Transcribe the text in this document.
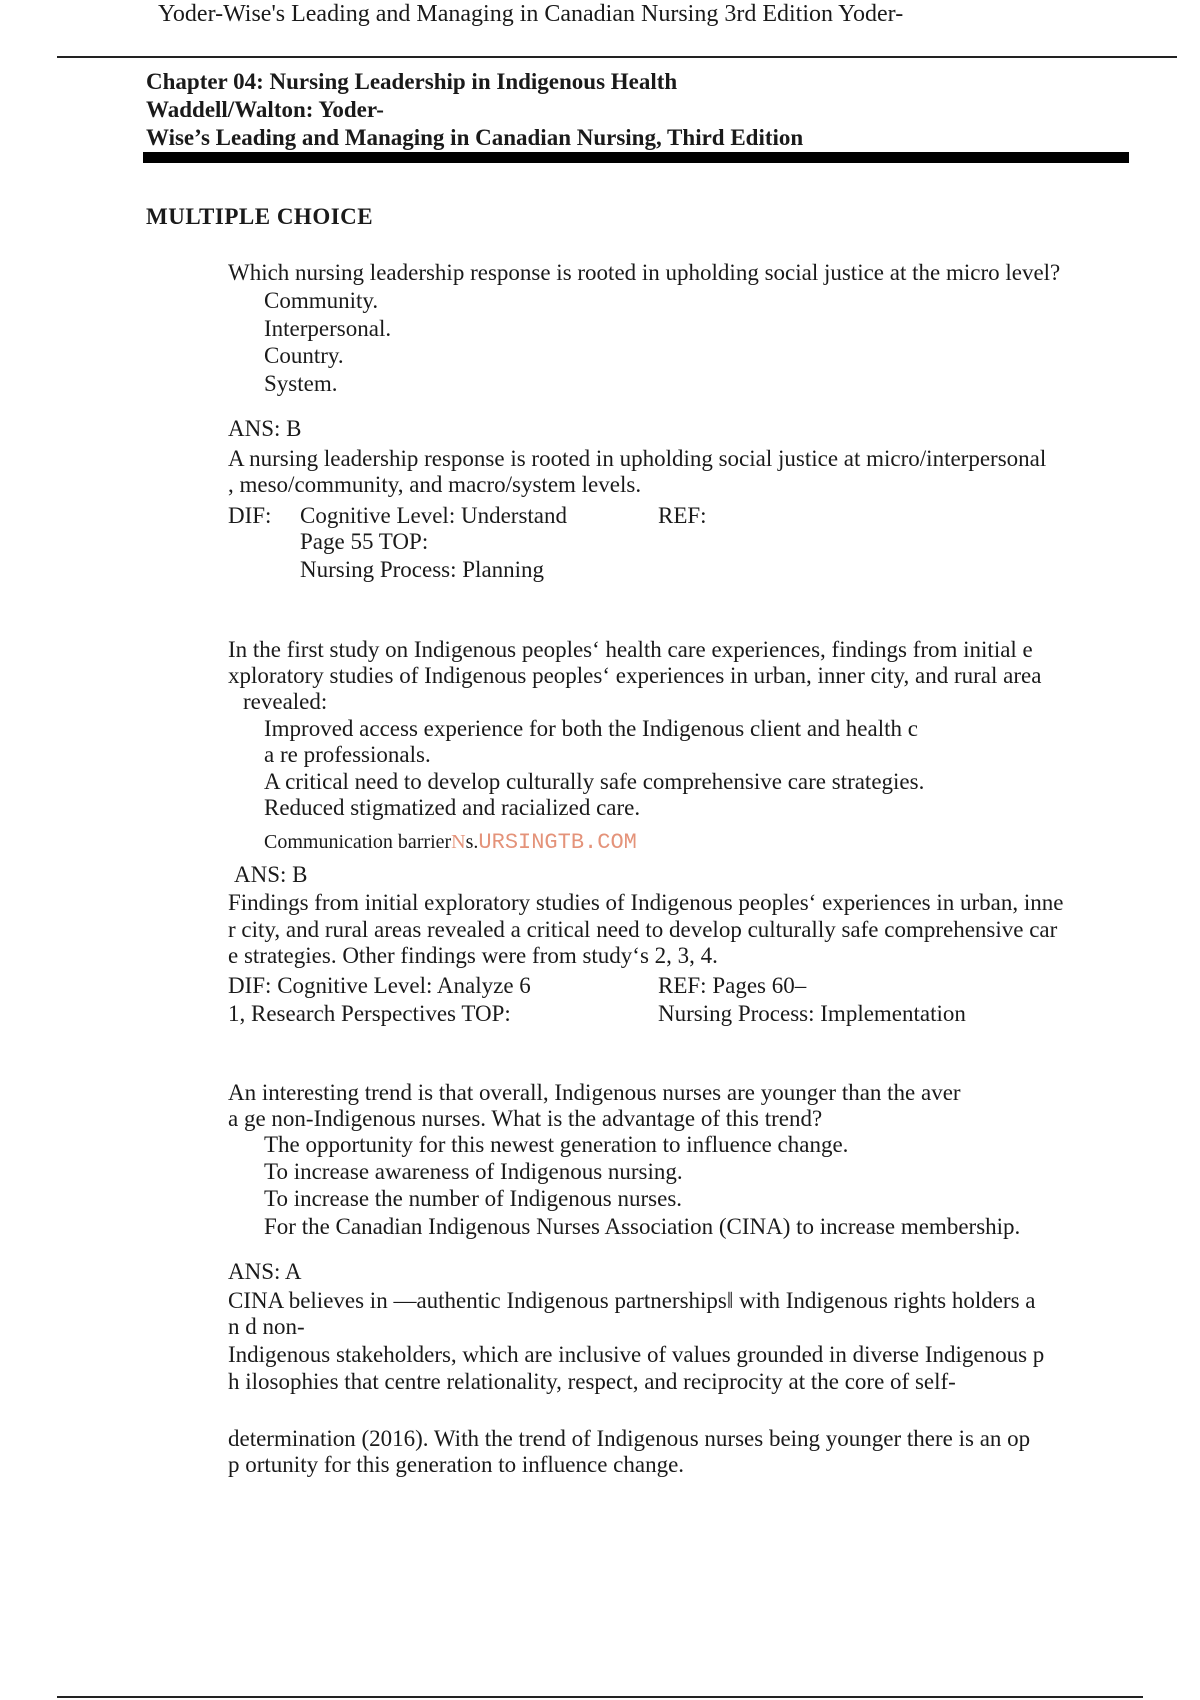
Yoder-Wise's Leading and Managing in Canadian Nursing 3rd Edition Yoder-
Chapter 04: Nursing Leadership in Indigenous Health
Waddell/Walton: Yoder-
Wise’s Leading and Managing in Canadian Nursing, Third Edition
MULTIPLE CHOICE
Which nursing leadership response is rooted in upholding social justice at the micro level?
Community.
Interpersonal.
Country.
System.
ANS: B
A nursing leadership response is rooted in upholding social justice at micro/interpersonal
, meso/community, and macro/system levels.
DIF: Cognitive Level: Understand	REF:
Page 55 TOP:
Nursing Process: Planning
In the first study on Indigenous peoples‘ health care experiences, findings from initial e
xploratory studies of Indigenous peoples‘ experiences in urban, inner city, and rural area
revealed:
Improved access experience for both the Indigenous client and health c
a re professionals.
A critical need to develop culturally safe comprehensive care strategies.
Reduced stigmatized and racialized care.
Communication barrierNs.URSINGTB.COM
ANS: B
Findings from initial exploratory studies of Indigenous peoples‘ experiences in urban, inne
r city, and rural areas revealed a critical need to develop culturally safe comprehensive car
e strategies. Other findings were from study‘s 2, 3, 4.
DIF: Cognitive Level: Analyze 6	REF: Pages 60–
1, Research Perspectives TOP:	Nursing Process: Implementation
An interesting trend is that overall, Indigenous nurses are younger than the aver
a ge non-Indigenous nurses. What is the advantage of this trend?
The opportunity for this newest generation to influence change.
To increase awareness of Indigenous nursing.
To increase the number of Indigenous nurses.
For the Canadian Indigenous Nurses Association (CINA) to increase membership.
ANS: A
CINA believes in ―authentic Indigenous partnerships‖ with Indigenous rights holders a
n d non-
Indigenous stakeholders, which are inclusive of values grounded in diverse Indigenous p
h ilosophies that centre relationality, respect, and reciprocity at the core of self-
determination (2016). With the trend of Indigenous nurses being younger there is an op
p ortunity for this generation to influence change.
